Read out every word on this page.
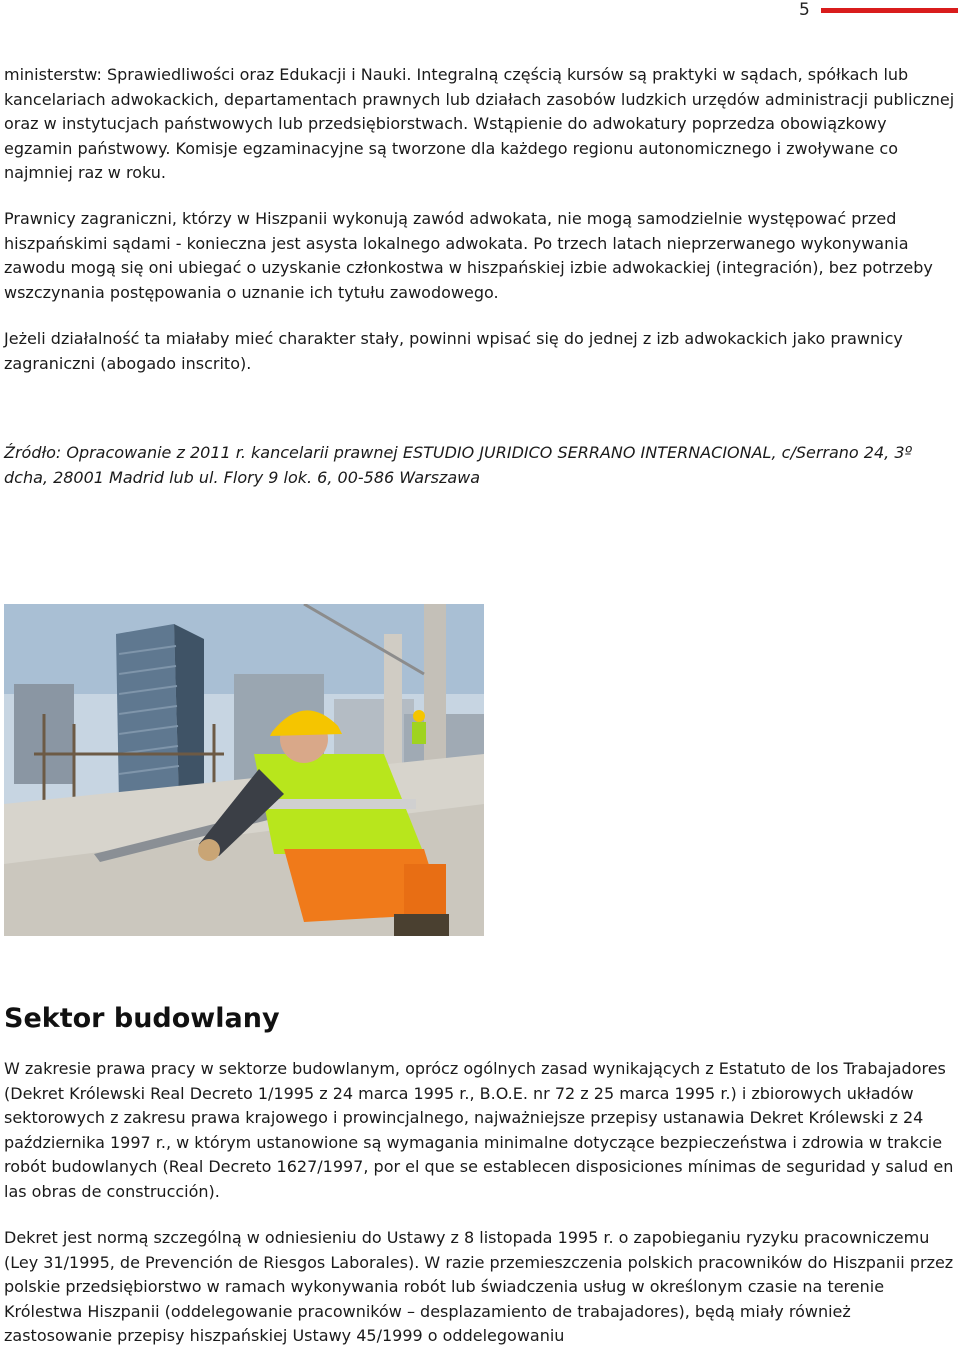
5

ministerstw: Sprawiedliwości oraz Edukacji i Nauki. Integralną częścią kursów są praktyki w sądach, spółkach lub kancelariach adwokackich, departamentach prawnych lub działach zasobów ludzkich urzędów administracji publicznej oraz w instytucjach państwowych lub przedsiębiorstwach. Wstąpienie do adwokatury poprzedza obowiązkowy egzamin państwowy. Komisje egzaminacyjne są tworzone dla każdego regionu autonomicznego i zwoływane co najmniej raz w roku.

Prawnicy zagraniczni, którzy w Hiszpanii wykonują zawód adwokata, nie mogą samodzielnie występować przed hiszpańskimi sądami - konieczna jest asysta lokalnego adwokata. Po trzech latach nieprzerwanego wykonywania zawodu mogą się oni ubiegać o uzyskanie członkostwa w hiszpańskiej izbie adwokackiej (integración), bez potrzeby wszczynania postępowania o uznanie ich tytułu zawodowego.

Jeżeli działalność ta miałaby mieć charakter stały, powinni wpisać się do jednej z izb adwokackich jako prawnicy zagraniczni (abogado inscrito).

Źródło: Opracowanie z 2011 r. kancelarii prawnej ESTUDIO JURIDICO SERRANO INTERNACIONAL, c/Serrano 24, 3º dcha, 28001 Madrid lub ul. Flory 9 lok. 6, 00-586 Warszawa

Sektor budowlany

W zakresie prawa pracy w sektorze budowlanym, oprócz ogólnych zasad wynikających z Estatuto de los Trabajadores (Dekret Królewski Real Decreto 1/1995 z 24 marca 1995 r., B.O.E. nr 72 z 25 marca 1995 r.) i zbiorowych układów sektorowych z zakresu prawa krajowego i prowincjalnego, najważniejsze przepisy ustanawia Dekret Królewski z 24 października 1997 r., w którym ustanowione są wymagania minimalne dotyczące bezpieczeństwa i zdrowia w trakcie robót budowlanych (Real Decreto 1627/1997, por el que se establecen disposiciones mínimas de seguridad y salud en las obras de construcción).

Dekret jest normą szczególną w odniesieniu do Ustawy z 8 listopada 1995 r. o zapobieganiu ryzyku pracowniczemu (Ley 31/1995, de Prevención de Riesgos Laborales). W razie przemieszczenia polskich pracowników do Hiszpanii przez polskie przedsiębiorstwo w ramach wykonywania robót lub świadczenia usług w określonym czasie na terenie Królestwa Hiszpanii (oddelegowanie pracowników – desplazamiento de trabajadores), będą miały również zastosowanie przepisy hiszpańskiej Ustawy 45/1999 o oddelegowaniu
